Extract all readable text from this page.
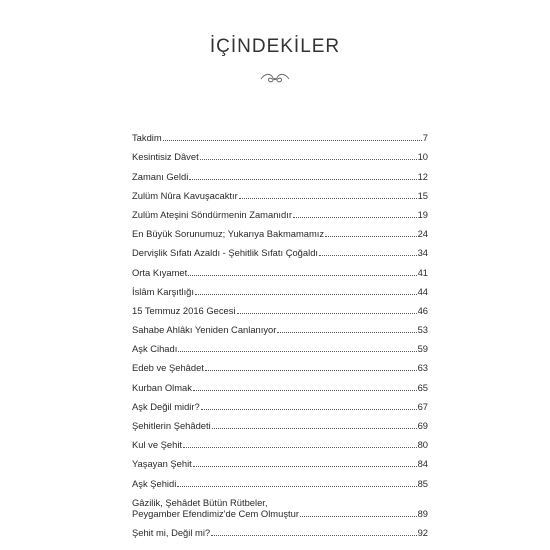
İÇİNDEKİLER
Takdim	7
Kesintisiz Dâvet	10
Zamanı Geldi	12
Zulüm Nûra Kavuşacaktır	15
Zulüm Ateşini Söndürmenin Zamanıdır	19
En Büyük Sorunumuz; Yukarıya Bakmamamız	24
Dervişlik Sıfatı Azaldı - Şehitlik Sıfatı Çoğaldı	34
Orta Kıyamet	41
İslâm Karşıtlığı	44
15 Temmuz 2016 Gecesi	46
Sahabe Ahlâkı Yeniden Canlanıyor	53
Aşk Cihadı	59
Edeb ve Şehâdet	63
Kurban Olmak	65
Aşk Değil midir?	67
Şehitlerin Şehâdeti	69
Kul ve Şehit	80
Yaşayan Şehit	84
Aşk Şehidi	85
Gâzilik, Şehâdet Bütün Rütbeler,
Peygamber Efendimiz'de Cem Olmuştur	89
Şehit mi, Değil mi?	92
